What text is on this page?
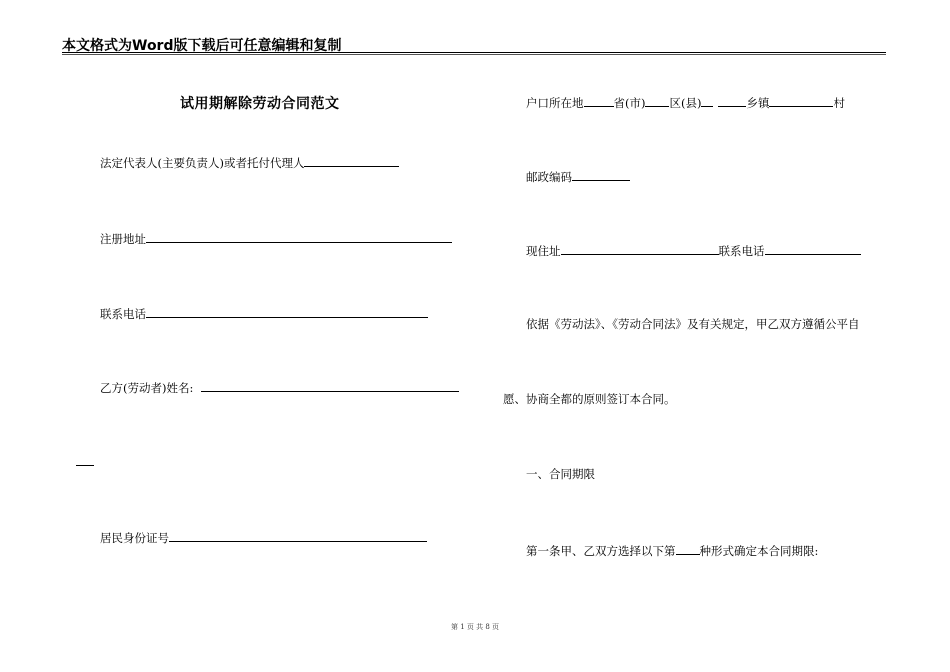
本文格式为Word版下载后可任意编辑和复制
试用期解除劳动合同范文
法定代表人(主要负责人)或者托付代理人
注册地址
联系电话
乙方(劳动者)姓名:
居民身份证号
户口所在地	省(市) 区(县)	乡镇	村
邮政编码
现住址	联系电话
依据《劳动法》、《劳动合同法》及有关规定，甲乙双方遵循公平自
愿、协商全都的原则签订本合同。
一、合同期限
第一条甲、乙双方选择以下第 种形式确定本合同期限:
第 1 页 共 8 页
